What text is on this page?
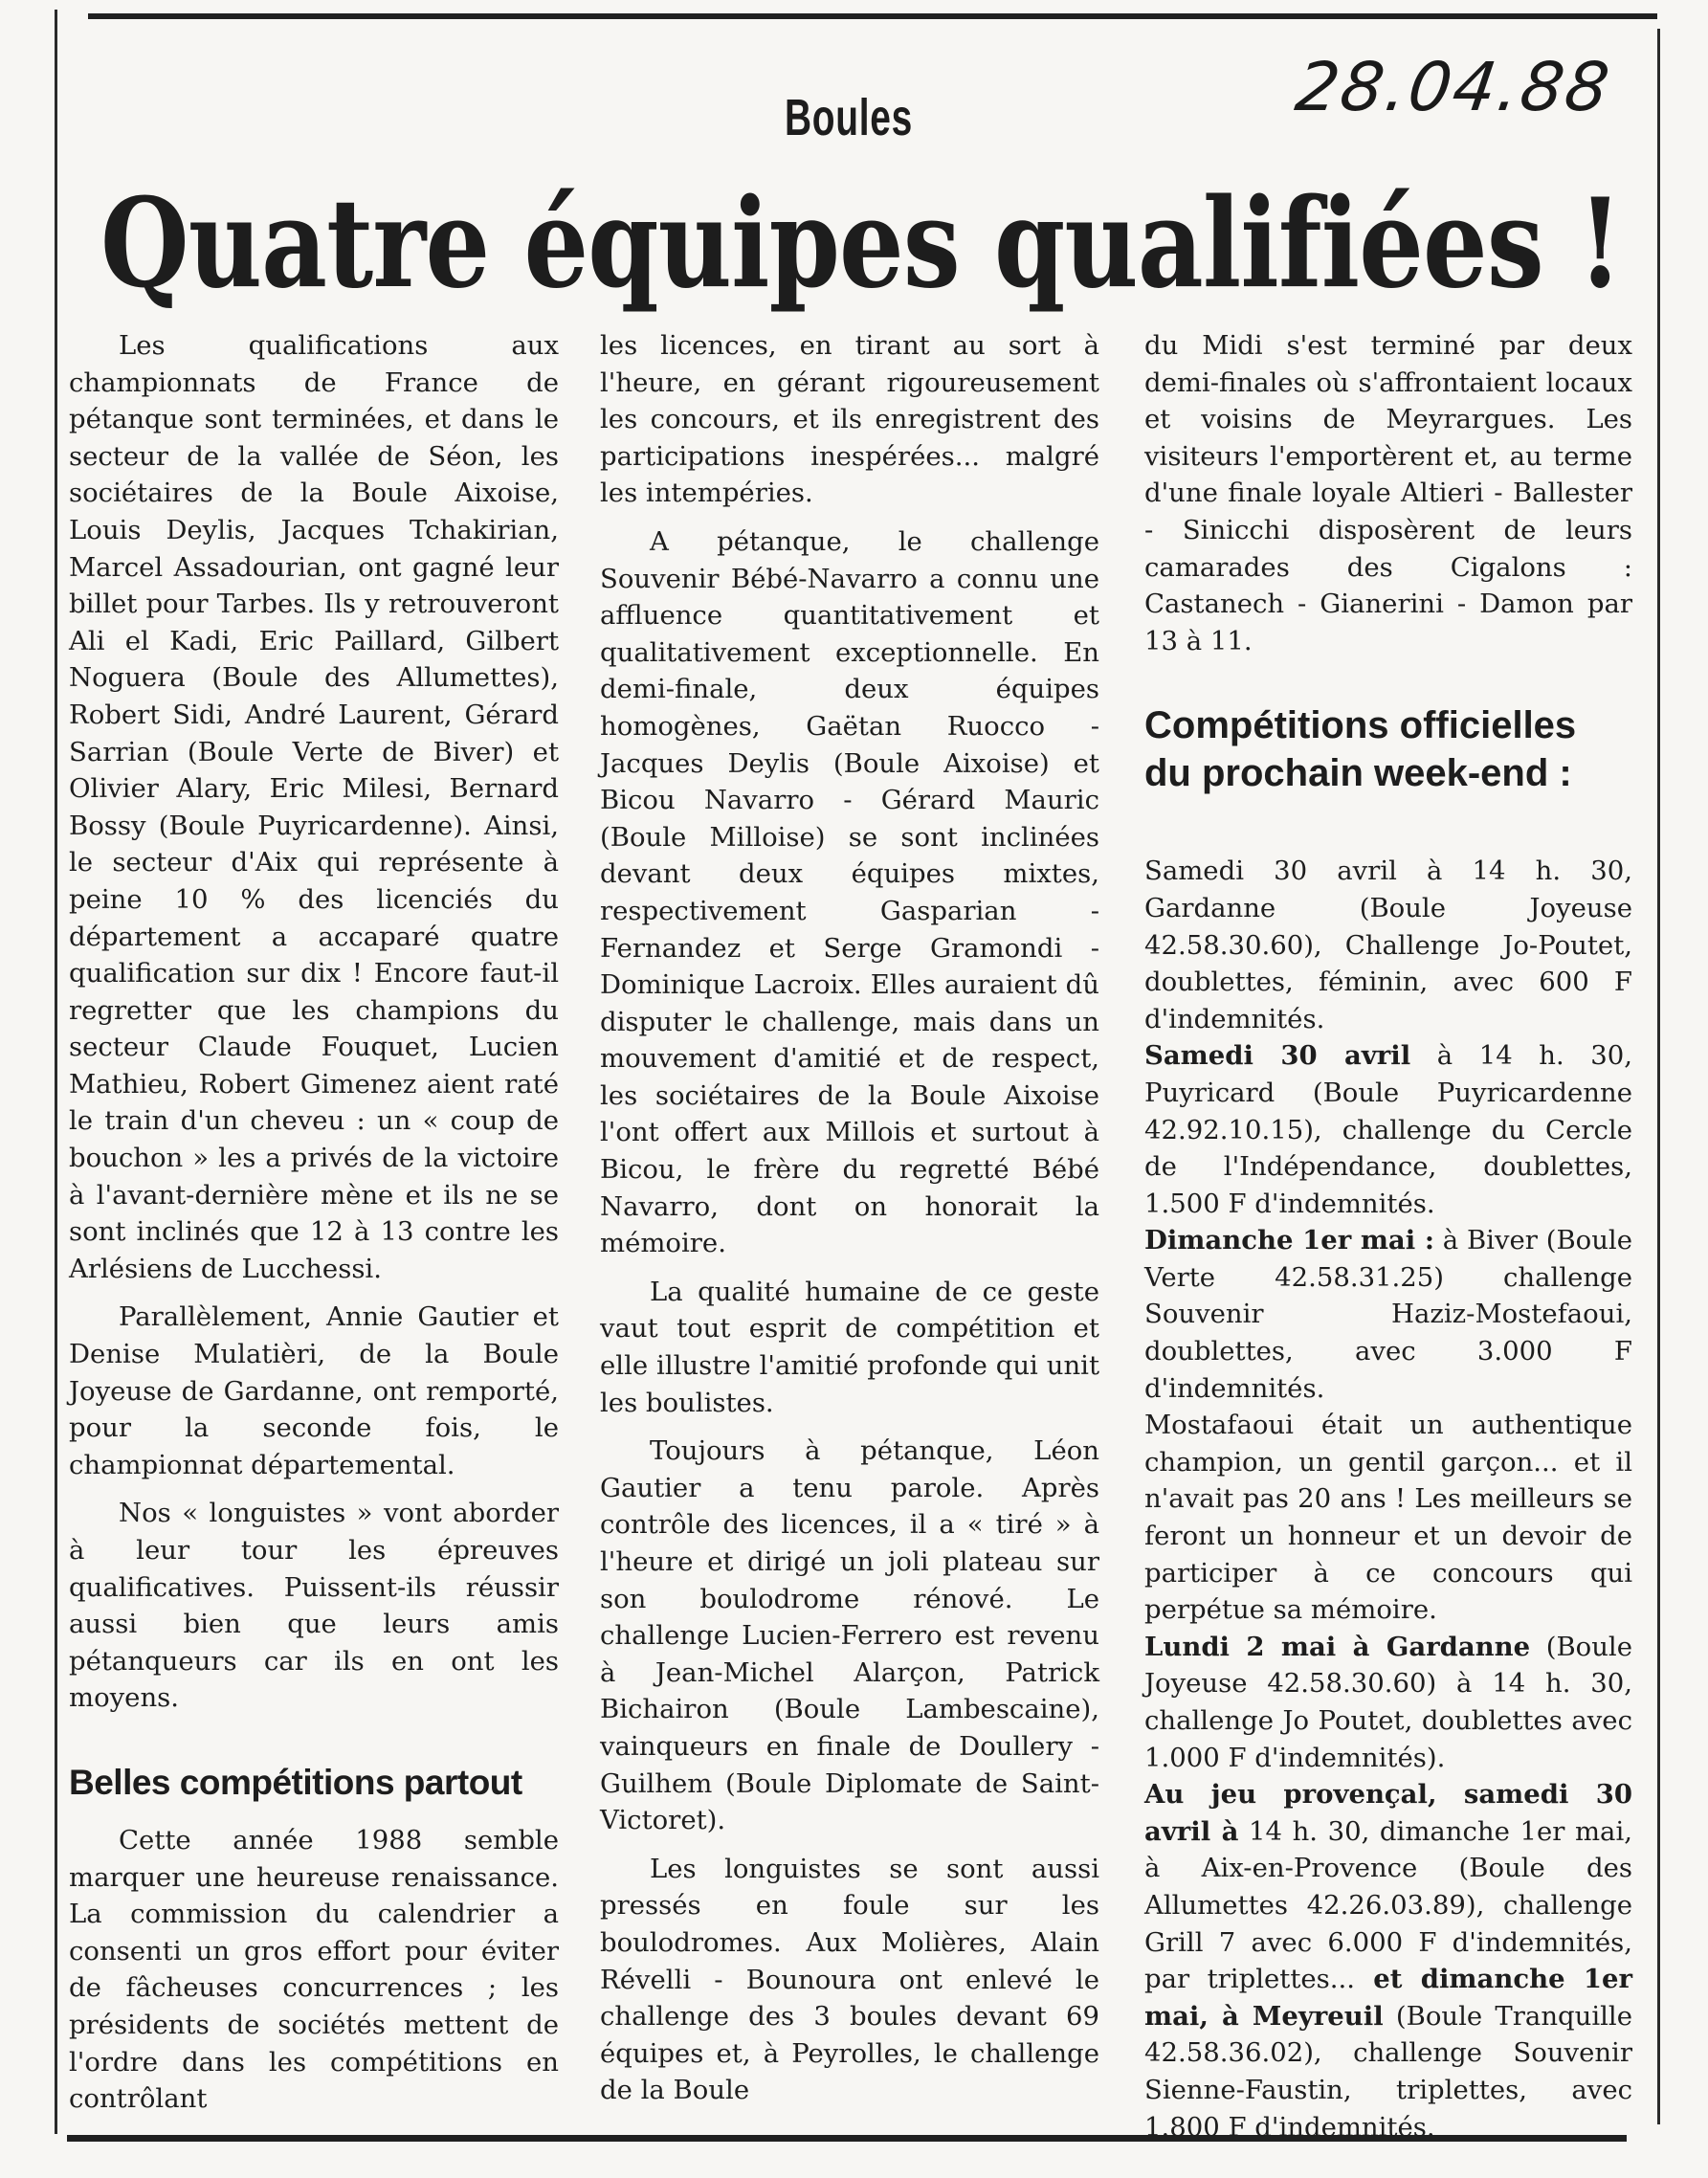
Boules	28.04.88
Quatre équipes qualifiées !

Les qualifications aux championnats de France de pétanque sont terminées, et dans le secteur de la vallée de Séon, les sociétaires de la Boule Aixoise, Louis Deylis, Jacques Tchakirian, Marcel Assadourian, ont gagné leur billet pour Tarbes. Ils y retrouveront Ali el Kadi, Eric Paillard, Gilbert Noguera (Boule des Allumettes), Robert Sidi, André Laurent, Gérard Sarrian (Boule Verte de Biver) et Olivier Alary, Eric Milesi, Bernard Bossy (Boule Puyricardenne). Ainsi, le secteur d'Aix qui représente à peine 10 % des licenciés du département a accaparé quatre qualification sur dix ! Encore faut-il regretter que les champions du secteur Claude Fouquet, Lucien Mathieu, Robert Gimenez aient raté le train d'un cheveu : un « coup de bouchon » les a privés de la victoire à l'avant-dernière mène et ils ne se sont inclinés que 12 à 13 contre les Arlésiens de Lucchessi.

Parallèlement, Annie Gautier et Denise Mulatièri, de la Boule Joyeuse de Gardanne, ont remporté, pour la seconde fois, le championnat départemental.

Nos « longuistes » vont aborder à leur tour les épreuves qualificatives. Puissent-ils réussir aussi bien que leurs amis pétanqueurs car ils en ont les moyens.

Belles compétitions partout

Cette année 1988 semble marquer une heureuse renaissance. La commission du calendrier a consenti un gros effort pour éviter de fâcheuses concurrences ; les présidents de sociétés mettent de l'ordre dans les compétitions en contrôlant

les licences, en tirant au sort à l'heure, en gérant rigoureusement les concours, et ils enregistrent des participations inespérées... malgré les intempéries.

A pétanque, le challenge Souvenir Bébé-Navarro a connu une affluence quantitativement et qualitativement exceptionnelle. En demi-finale, deux équipes homogènes, Gaëtan Ruocco - Jacques Deylis (Boule Aixoise) et Bicou Navarro - Gérard Mauric (Boule Milloise) se sont inclinées devant deux équipes mixtes, respectivement Gasparian - Fernandez et Serge Gramondi - Dominique Lacroix. Elles auraient dû disputer le challenge, mais dans un mouvement d'amitié et de respect, les sociétaires de la Boule Aixoise l'ont offert aux Millois et surtout à Bicou, le frère du regretté Bébé Navarro, dont on honorait la mémoire.

La qualité humaine de ce geste vaut tout esprit de compétition et elle illustre l'amitié profonde qui unit les boulistes.

Toujours à pétanque, Léon Gautier a tenu parole. Après contrôle des licences, il a « tiré » à l'heure et dirigé un joli plateau sur son boulodrome rénové. Le challenge Lucien-Ferrero est revenu à Jean-Michel Alarçon, Patrick Bichairon (Boule Lambescaine), vainqueurs en finale de Doullery - Guilhem (Boule Diplomate de Saint-Victoret).

Les longuistes se sont aussi pressés en foule sur les boulodromes. Aux Molières, Alain Révelli - Bounoura ont enlevé le challenge des 3 boules devant 69 équipes et, à Peyrolles, le challenge de la Boule

du Midi s'est terminé par deux demi-finales où s'affrontaient locaux et voisins de Meyrargues. Les visiteurs l'emportèrent et, au terme d'une finale loyale Altieri - Ballester - Sinicchi disposèrent de leurs camarades des Cigalons : Castanech - Gianerini - Damon par 13 à 11.

Compétitions officielles du prochain week-end :

Samedi 30 avril à 14 h. 30, Gardanne (Boule Joyeuse 42.58.30.60), Challenge Jo-Poutet, doublettes, féminin, avec 600 F d'indemnités.

Samedi 30 avril à 14 h. 30, Puyricard (Boule Puyricardenne 42.92.10.15), challenge du Cercle de l'Indépendance, doublettes, 1.500 F d'indemnités.

Dimanche 1er mai : à Biver (Boule Verte 42.58.31.25) challenge Souvenir Haziz-Mostefaoui, doublettes, avec 3.000 F d'indemnités.

Mostafaoui était un authentique champion, un gentil garçon... et il n'avait pas 20 ans ! Les meilleurs se feront un honneur et un devoir de participer à ce concours qui perpétue sa mémoire.

Lundi 2 mai à Gardanne (Boule Joyeuse 42.58.30.60) à 14 h. 30, challenge Jo Poutet, doublettes avec 1.000 F d'indemnités).

Au jeu provençal, samedi 30 avril à 14 h. 30, dimanche 1er mai, à Aix-en-Provence (Boule des Allumettes 42.26.03.89), challenge Grill 7 avec 6.000 F d'indemnités, par triplettes... et dimanche 1er mai, à Meyreuil (Boule Tranquille 42.58.36.02), challenge Souvenir Sienne-Faustin, triplettes, avec 1.800 F d'indemnités.
